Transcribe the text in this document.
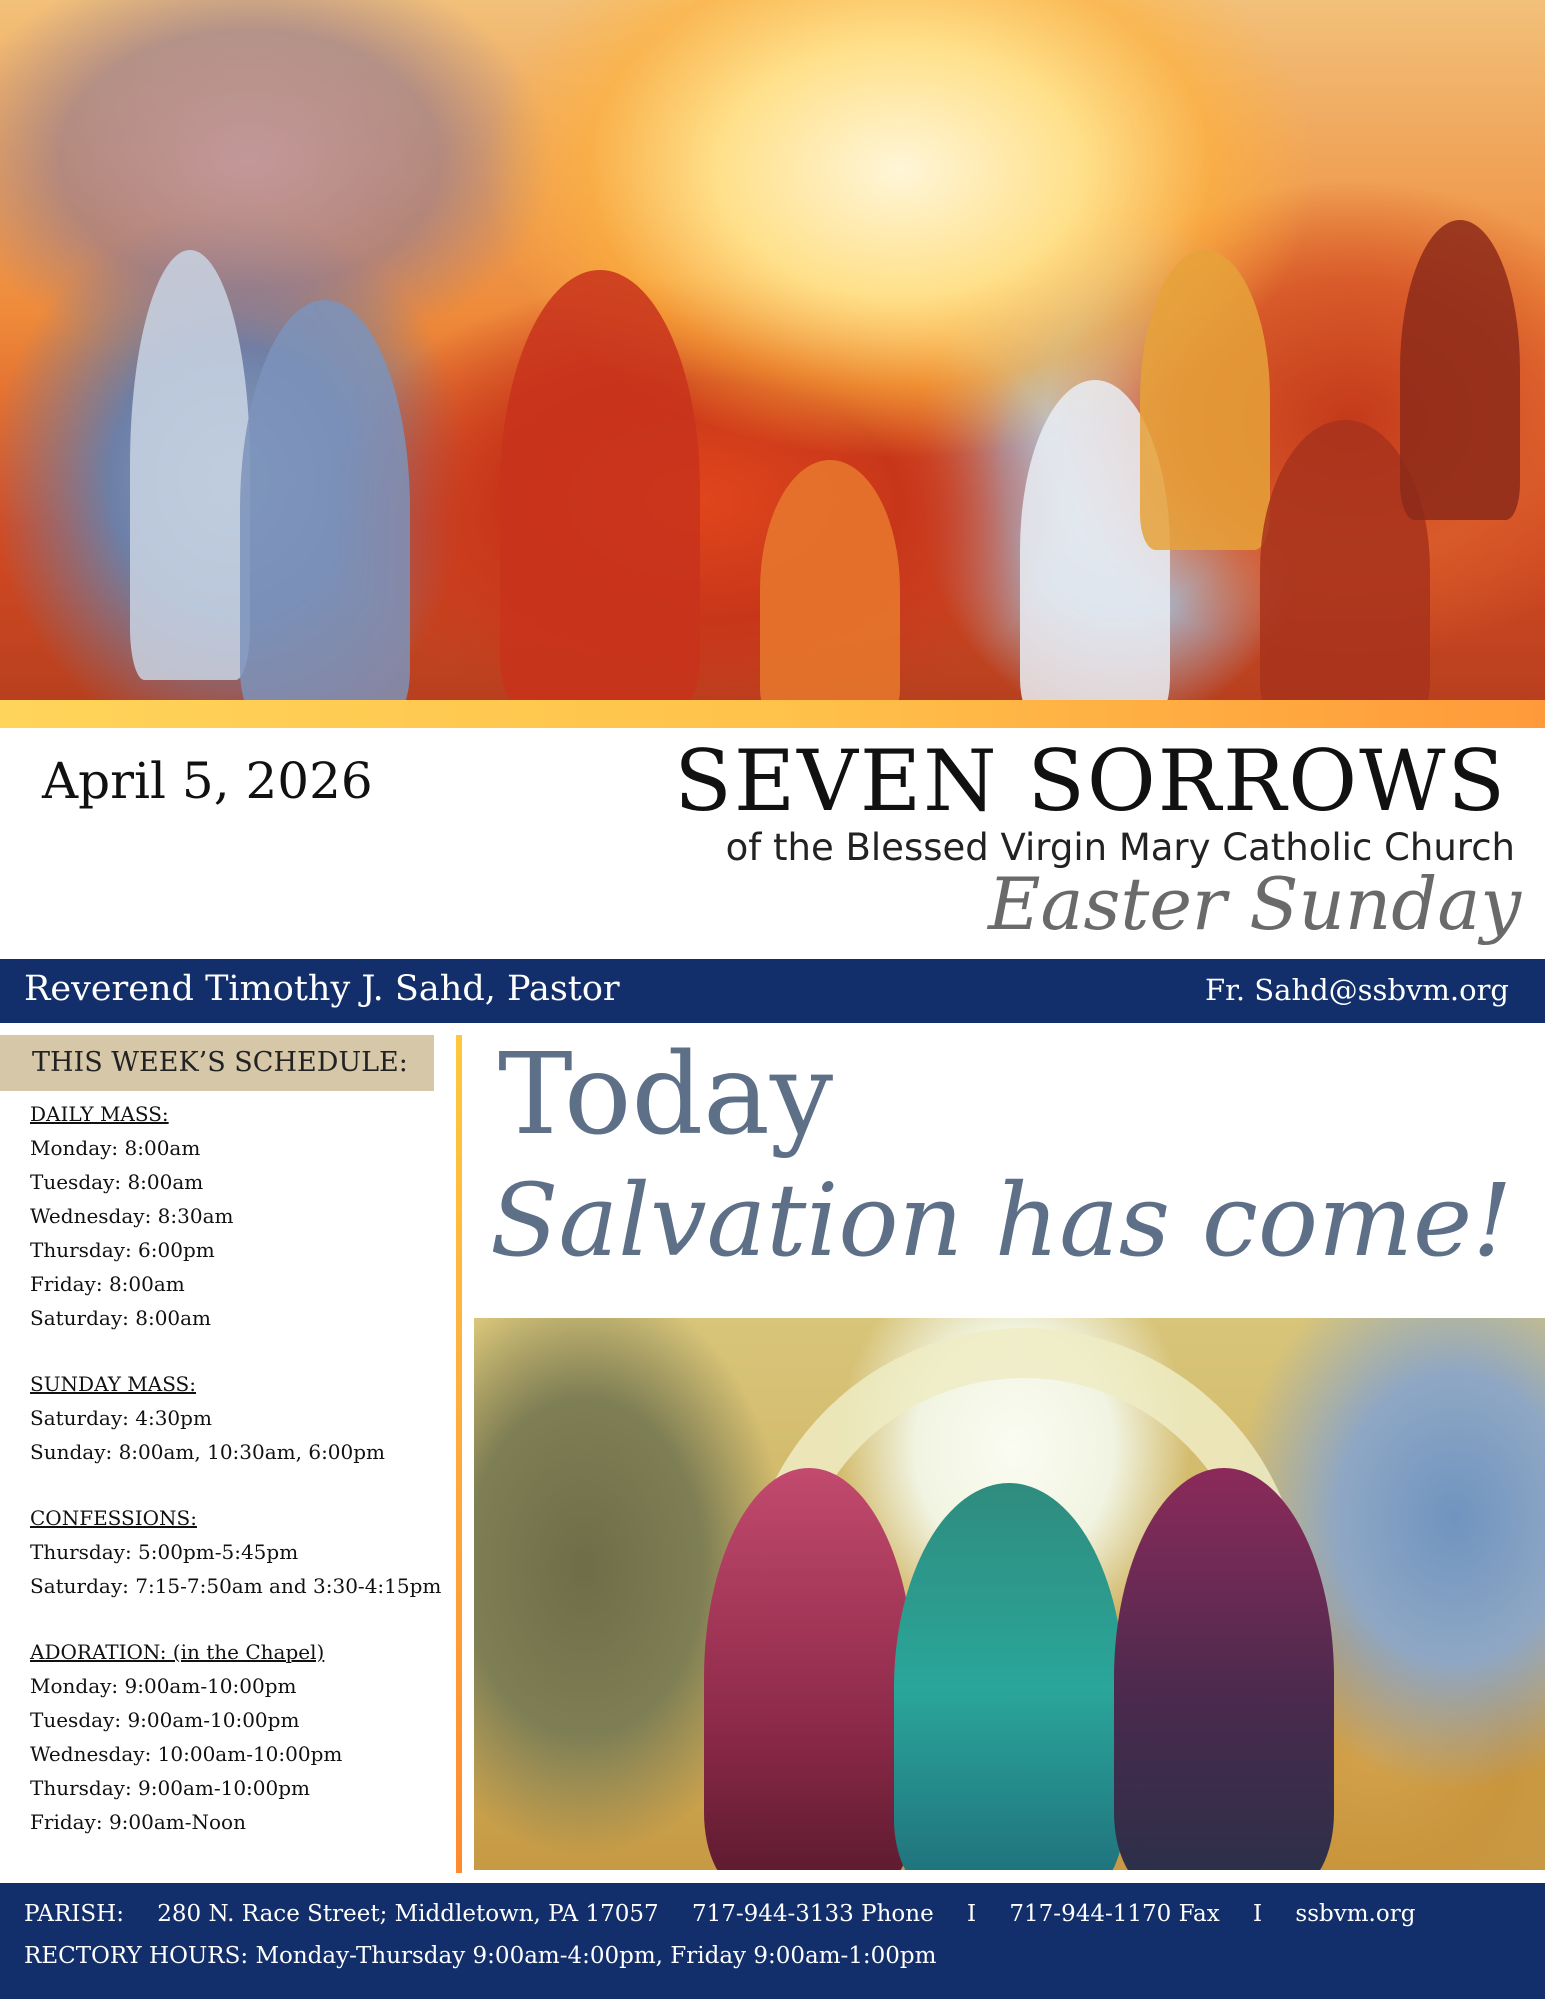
April 5, 2026	SEVEN SORROWS
of the Blessed Virgin Mary Catholic Church
Easter Sunday
Reverend Timothy J. Sahd, Pastor	Fr. Sahd@ssbvm.org
THIS WEEK’S SCHEDULE:
DAILY MASS:
Monday: 8:00am
Tuesday: 8:00am
Wednesday: 8:30am
Thursday: 6:00pm
Friday: 8:00am
Saturday: 8:00am
SUNDAY MASS:
Saturday: 4:30pm
Sunday: 8:00am, 10:30am, 6:00pm
CONFESSIONS:
Thursday: 5:00pm-5:45pm
Saturday: 7:15-7:50am and 3:30-4:15pm
ADORATION: (in the Chapel)
Monday: 9:00am-10:00pm
Tuesday: 9:00am-10:00pm
Wednesday: 10:00am-10:00pm
Thursday: 9:00am-10:00pm
Friday: 9:00am-Noon
Today
Salvation has come!
PARISH: 280 N. Race Street; Middletown, PA 17057 717-944-3133 Phone I 717-944-1170 Fax I ssbvm.org
RECTORY HOURS: Monday-Thursday 9:00am-4:00pm, Friday 9:00am-1:00pm
